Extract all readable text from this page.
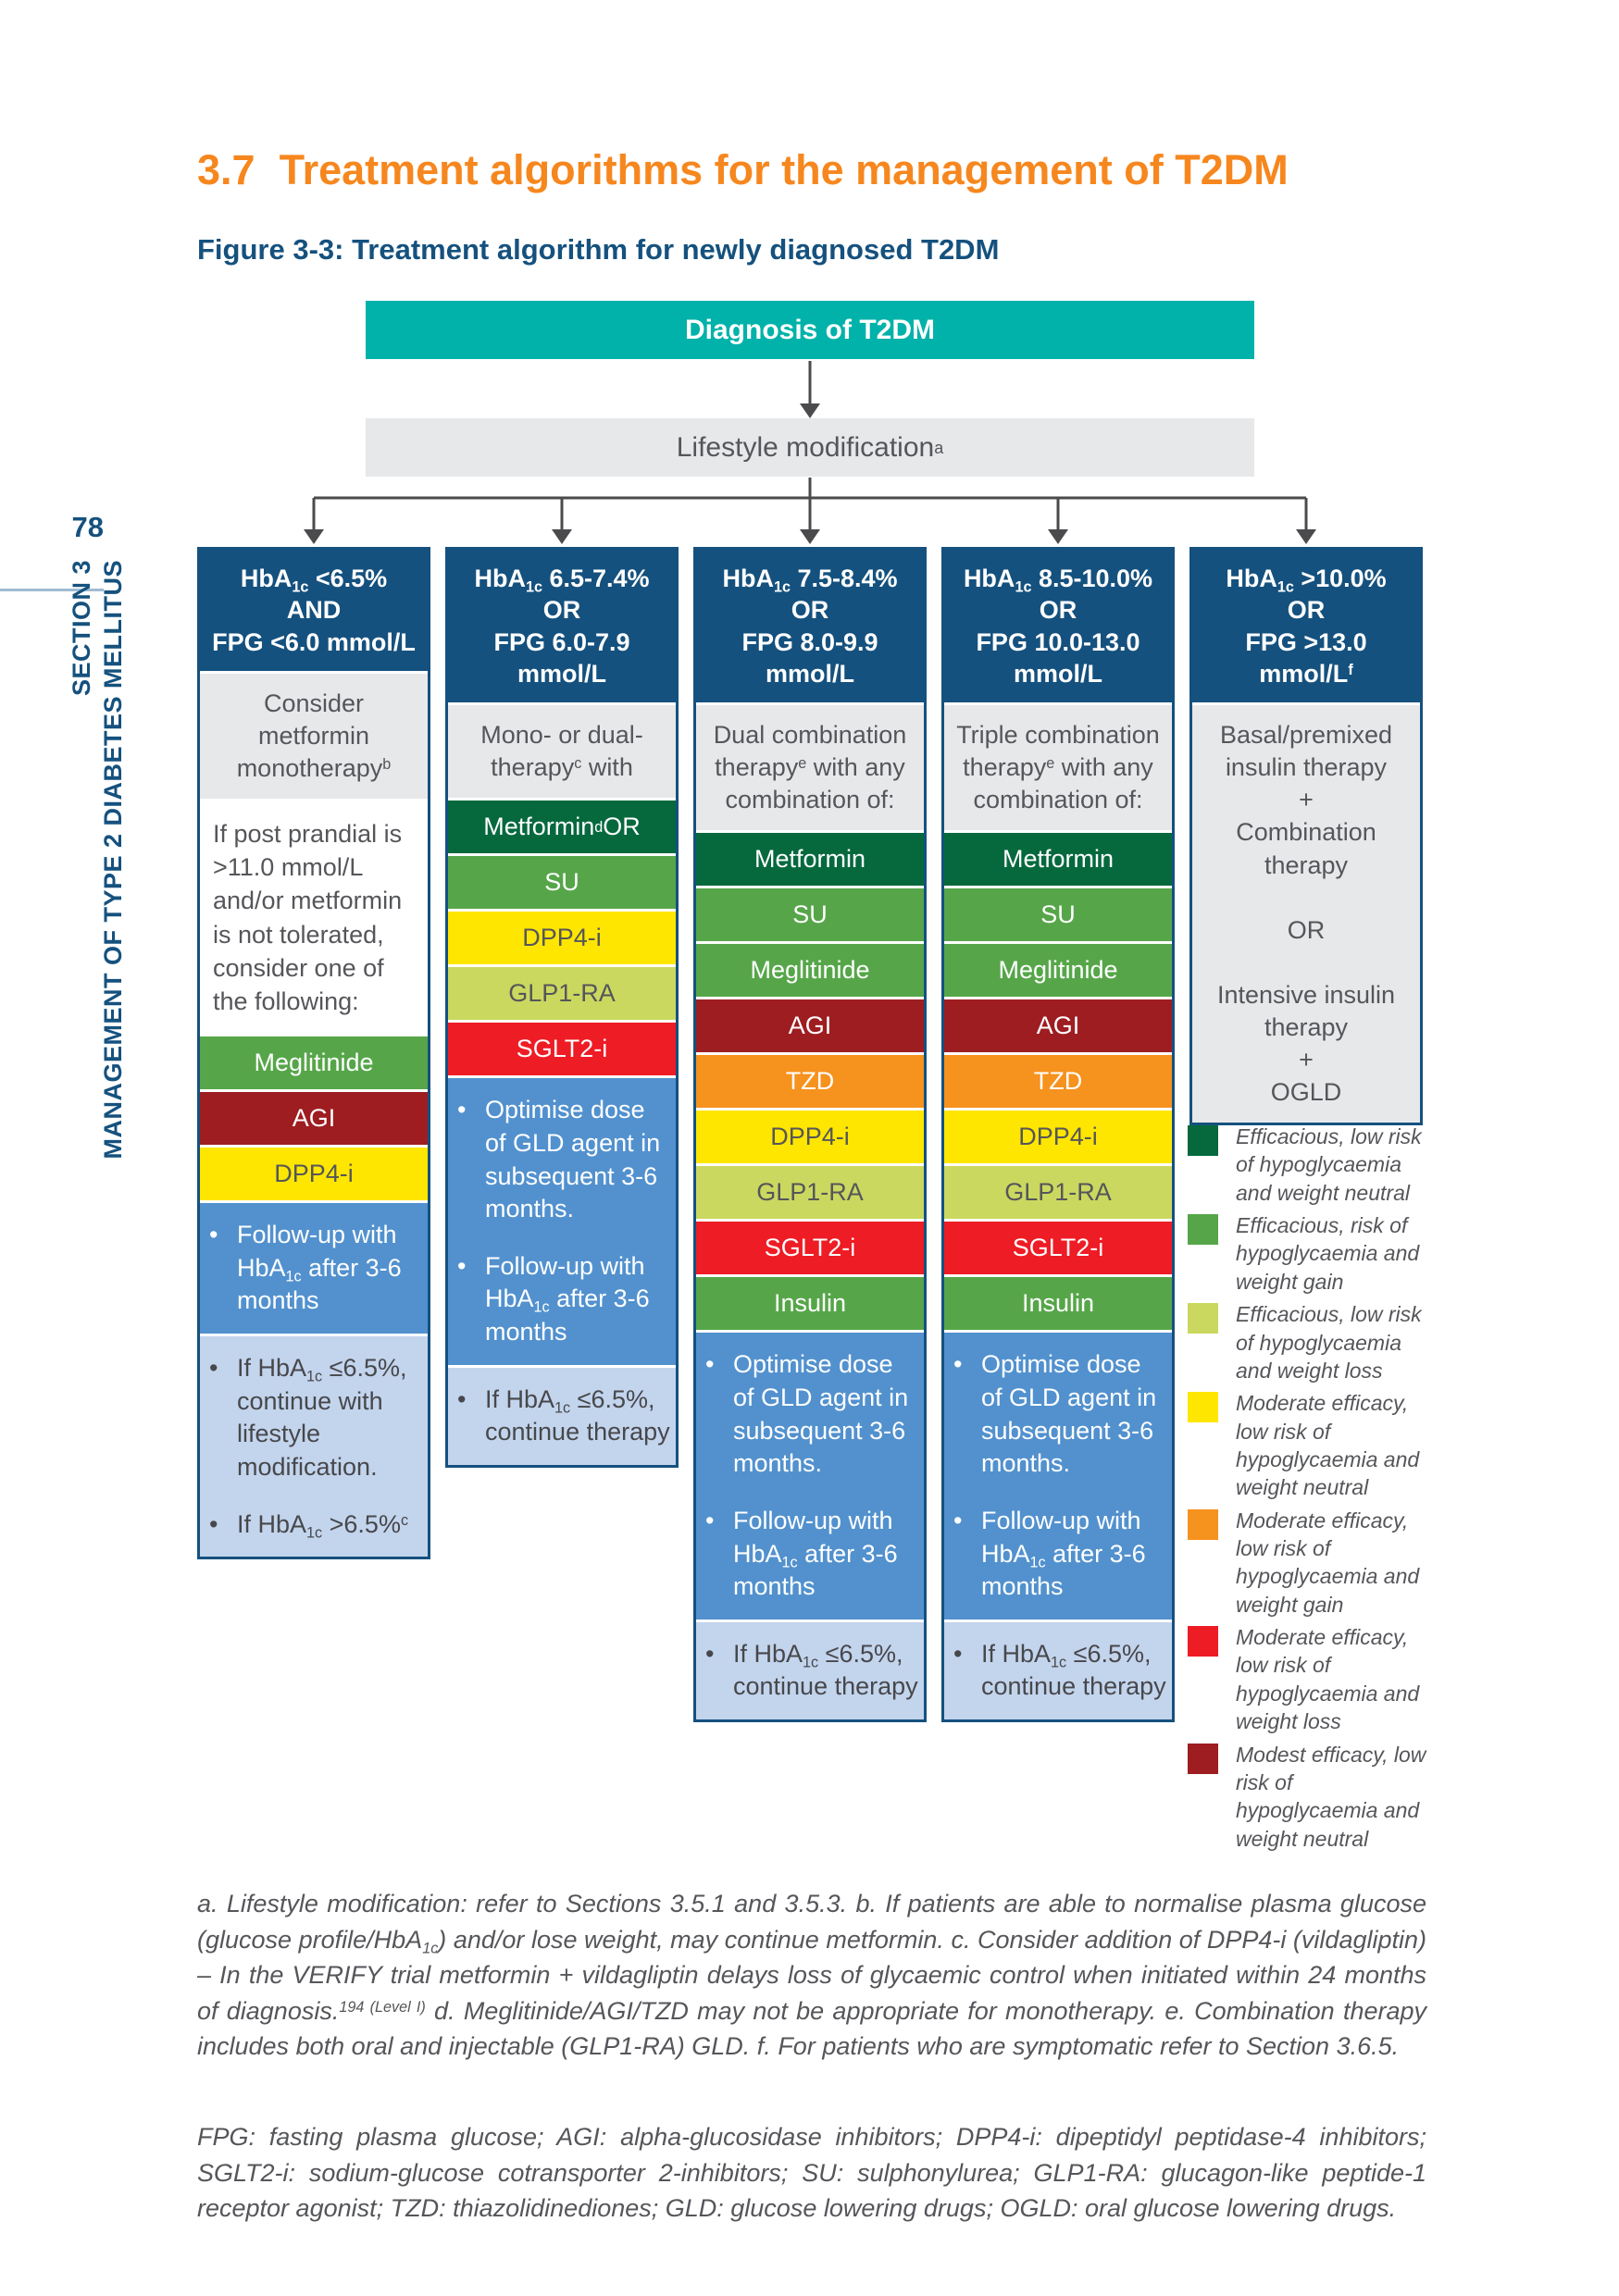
78
SECTION 3 MANAGEMENT OF TYPE 2 DIABETES MELLITUS
3.7 Treatment algorithms for the management of T2DM
Figure 3-3: Treatment algorithm for newly diagnosed T2DM
Diagnosis of T2DM
Lifestyle modification a
HbA$_{1c}$ <6.5%
AND
FPG <6.0 mmol/L
Consider metformin monotherapy$^b$
If post prandial is >11.0 mmol/L and/or metformin is not tolerated, consider one of the following:
Meglitinide
AGI
DPP4-i
• Follow-up with HbA$_{1c}$ after 3-6 months
• If HbA$_{1c}$ ≤6.5%, continue with lifestyle modification.
• If HbA$_{1c}$ >6.5%$^c$
HbA$_{1c}$ 6.5-7.4%
OR
FPG 6.0-7.9
mmol/L
Mono- or dual-therapy$^c$ with
Metformin d OR
SU
DPP4-i
GLP1-RA
SGLT2-i
• Optimise dose of GLD agent in subsequent 3-6 months.
• Follow-up with HbA$_{1c}$ after 3-6 months
• If HbA$_{1c}$ ≤6.5%, continue therapy
HbA$_{1c}$ 7.5-8.4%
OR
FPG 8.0-9.9
mmol/L
Dual combination therapy$^e$ with any combination of:
Metformin
SU
Meglitinide
AGI
TZD
DPP4-i
GLP1-RA
SGLT2-i
Insulin
• Optimise dose of GLD agent in subsequent 3-6 months.
• Follow-up with HbA$_{1c}$ after 3-6 months
• If HbA$_{1c}$ ≤6.5%, continue therapy
HbA$_{1c}$ 8.5-10.0%
OR
FPG 10.0-13.0
mmol/L
Triple combination therapy$^e$ with any combination of:
Metformin
SU
Meglitinide
AGI
TZD
DPP4-i
GLP1-RA
SGLT2-i
Insulin
• Optimise dose of GLD agent in subsequent 3-6 months.
• Follow-up with HbA$_{1c}$ after 3-6 months
• If HbA$_{1c}$ ≤6.5%, continue therapy
HbA$_{1c}$ >10.0%
OR
FPG >13.0
mmol/$L^f$
Basal/premixed insulin therapy
+
Combination therapy

OR

Intensive insulin therapy
+
OGLD
Efficacious, low risk of hypoglycaemia and weight neutral
Efficacious, risk of hypoglycaemia and weight gain
Efficacious, low risk of hypoglycaemia and weight loss
Moderate efficacy, low risk of hypoglycaemia and weight neutral
Moderate efficacy, low risk of hypoglycaemia and weight gain
Moderate efficacy, low risk of hypoglycaemia and weight loss
Modest efficacy, low risk of hypoglycaemia and weight neutral
a. Lifestyle modification: refer to Sections 3.5.1 and 3.5.3. b. If patients are able to normalise plasma glucose (glucose profile/HbA$_{1c}$) and/or lose weight, may continue metformin. c. Consider addition of DPP4-i (vildagliptin) – In the VERIFY trial metformin + vildagliptin delays loss of glycaemic control when initiated within 24 months of diagnosis.$^{194 (Level I)}$ d. Meglitinide/AGI/TZD may not be appropriate for monotherapy. e. Combination therapy includes both oral and injectable (GLP1-RA) GLD. f. For patients who are symptomatic refer to Section 3.6.5.
FPG: fasting plasma glucose; AGI: alpha-glucosidase inhibitors; DPP4-i: dipeptidyl peptidase-4 inhibitors; SGLT2-i: sodium-glucose cotransporter 2-inhibitors; SU: sulphonylurea; GLP1-RA: glucagon-like peptide-1 receptor agonist; TZD: thiazolidinediones; GLD: glucose lowering drugs; OGLD: oral glucose lowering drugs.
